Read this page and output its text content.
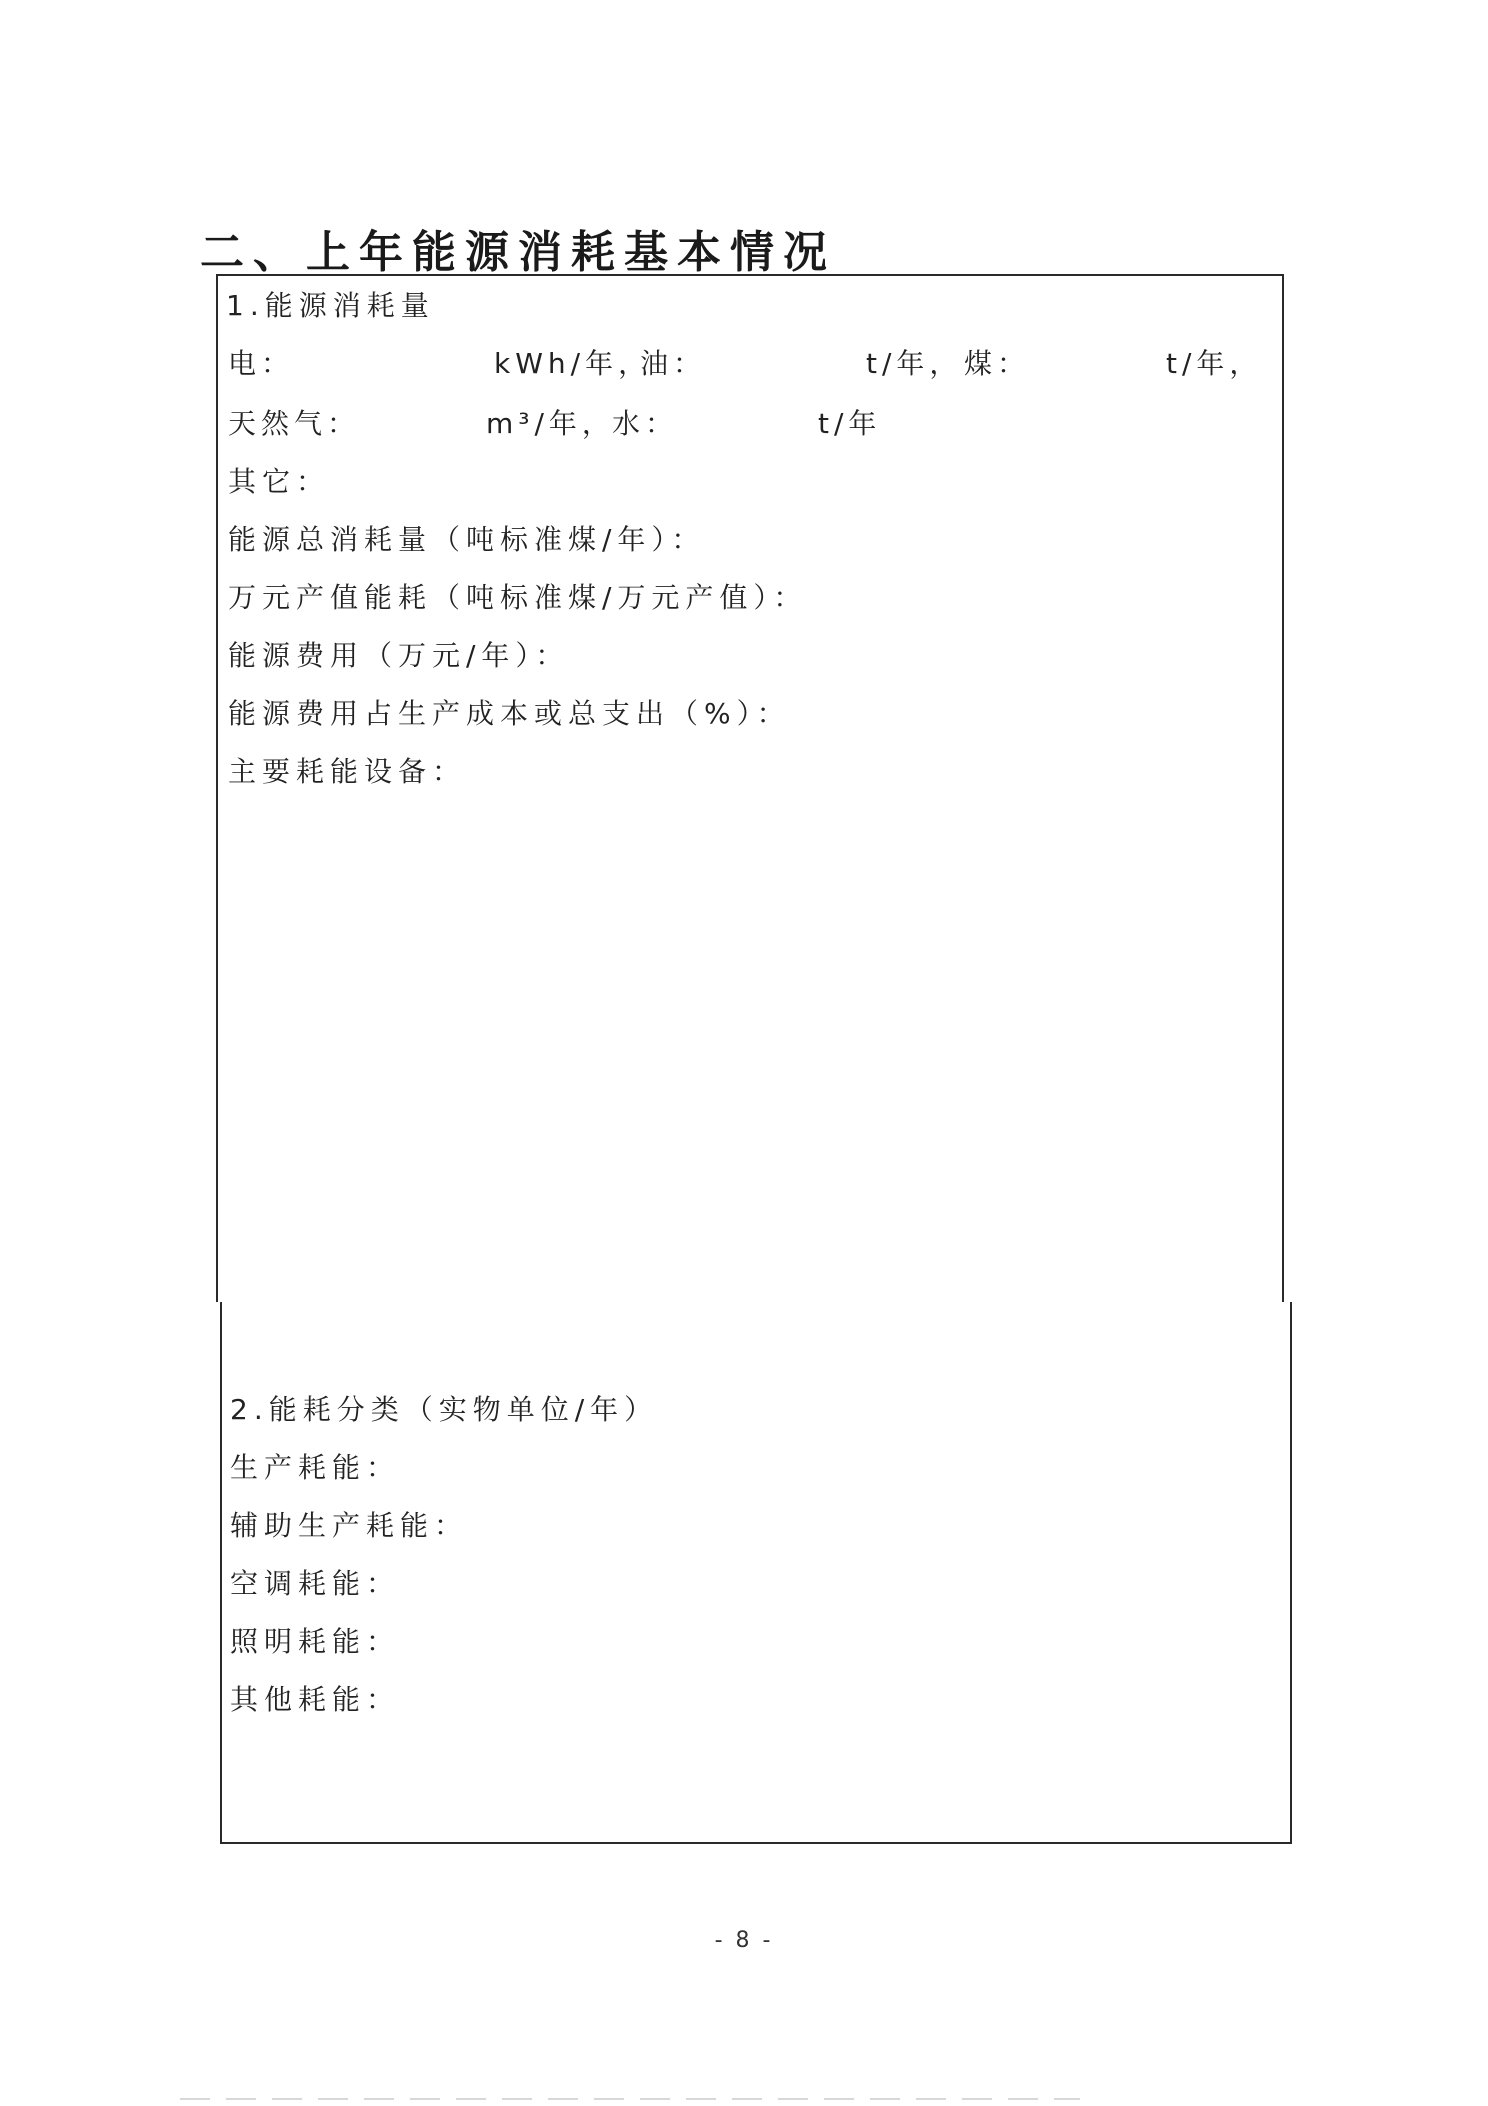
二、上年能源消耗基本情况
1.能源消耗量
电：	kWh/年，
油：	t/年， 煤：	t/年，
天然气：	m³/年，
水：	t/年
其它：
能源总消耗量（吨标准煤/年）：
万元产值能耗（吨标准煤/万元产值）：
能源费用（万元/年）：
能源费用占生产成本或总支出（%）：
主要耗能设备：
2.能耗分类（实物单位/年）
生产耗能：
辅助生产耗能：
空调耗能：
照明耗能：
其他耗能：
- 8 -
